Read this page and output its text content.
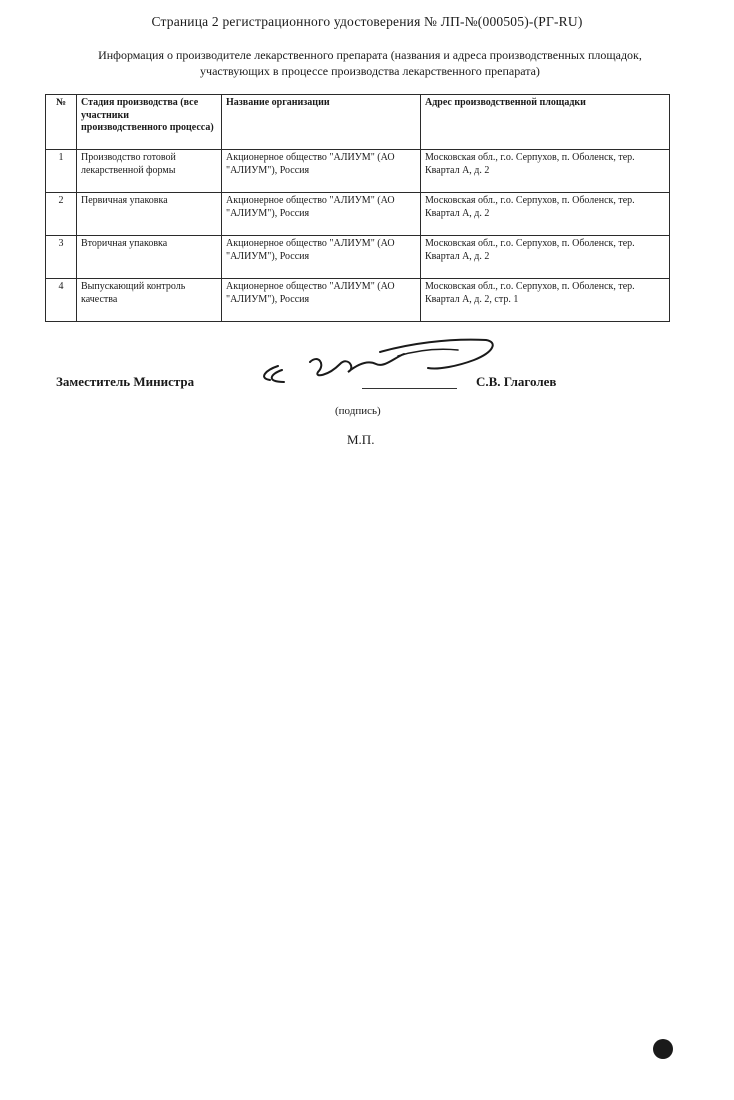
Страница 2 регистрационного удостоверения № ЛП-№(000505)-(РГ-RU)
Информация о производителе лекарственного препарата (названия и адреса производственных площадок,
участвующих в процессе производства лекарственного препарата)
№	Стадия производства (все участники производственного процесса)	Название организации	Адрес производственной площадки
1	Производство готовой лекарственной формы	Акционерное общество "АЛИУМ" (АО "АЛИУМ"), Россия	Московская обл., г.о. Серпухов, п. Оболенск, тер. Квартал А, д. 2
2	Первичная упаковка	Акционерное общество "АЛИУМ" (АО "АЛИУМ"), Россия	Московская обл., г.о. Серпухов, п. Оболенск, тер. Квартал А, д. 2
3	Вторичная упаковка	Акционерное общество "АЛИУМ" (АО "АЛИУМ"), Россия	Московская обл., г.о. Серпухов, п. Оболенск, тер. Квартал А, д. 2
4	Выпускающий контроль качества	Акционерное общество "АЛИУМ" (АО "АЛИУМ"), Россия	Московская обл., г.о. Серпухов, п. Оболенск, тер. Квартал А, д. 2, стр. 1
Заместитель Министра	С.В. Глаголев
(подпись)
М.П.
